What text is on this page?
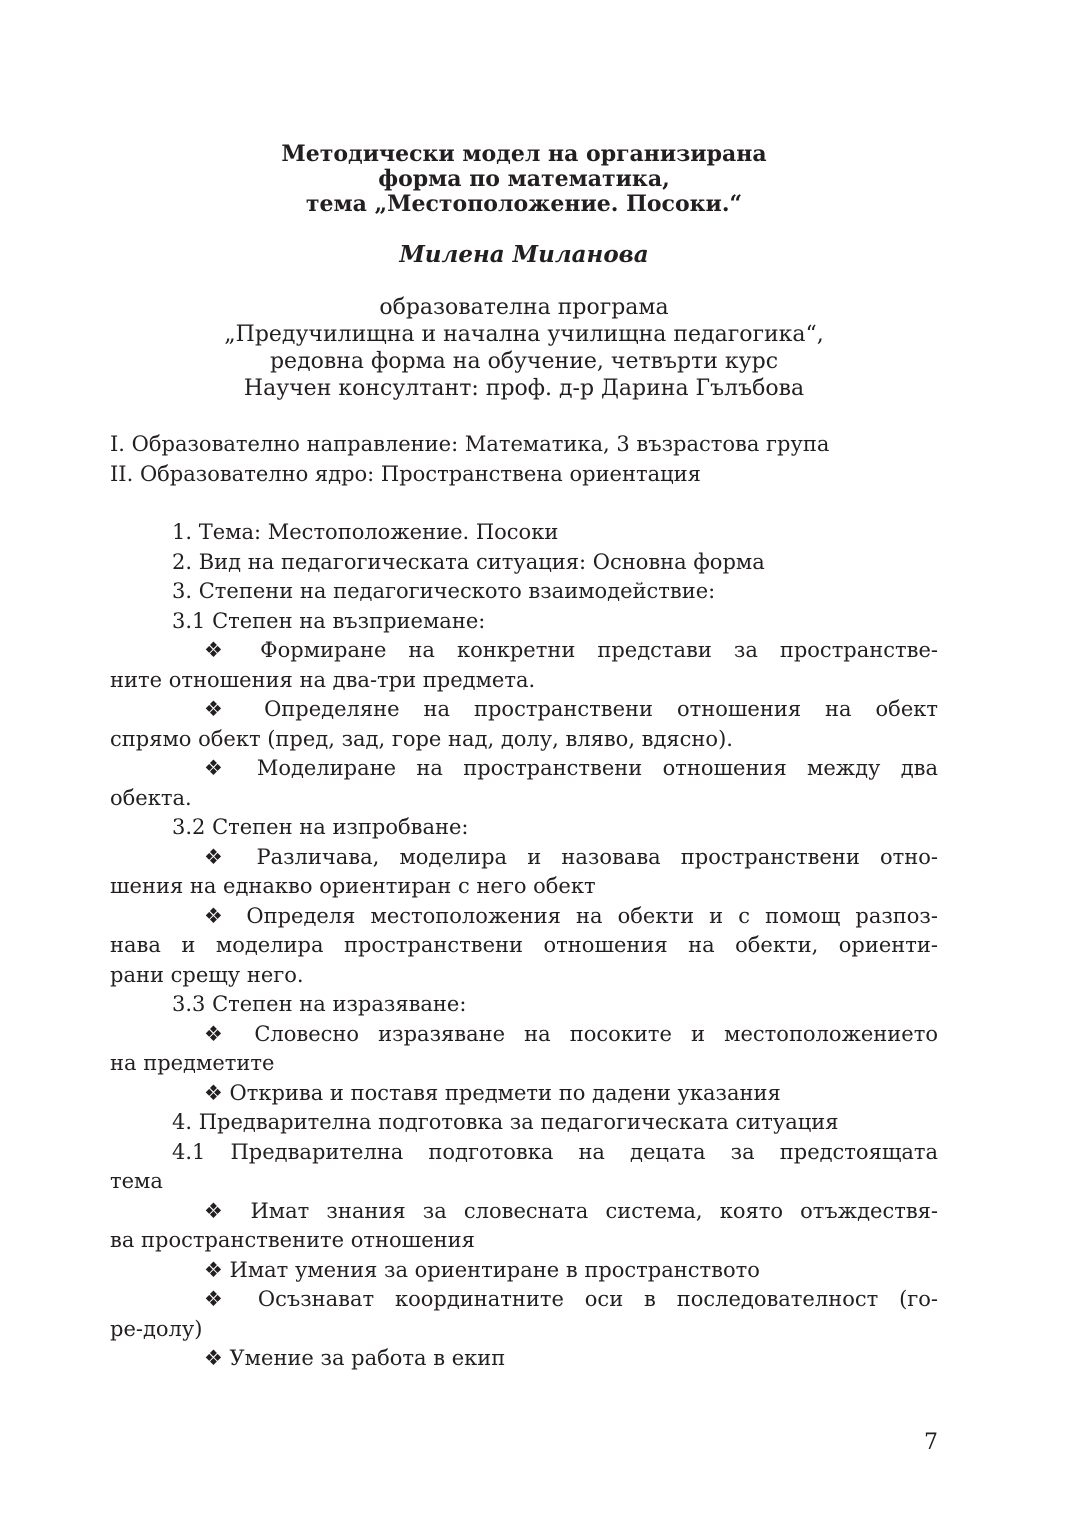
Методически модел на организирана
форма по математика,
тема „Местоположение. Посоки.“
Милена Миланова
образователна програма
„Предучилищна и начална училищна педагогика“,
редовна форма на обучение, четвърти курс
Научен консултант: проф. д-р Дарина Гълъбова
I. Образователно направление: Математика, 3 възрастова група
II. Образователно ядро: Пространствена ориентация
1. Тема: Местоположение. Посоки
2. Вид на педагогическата ситуация: Основна форма
3. Степени на педагогическото взаимодействие:
3.1 Степен на възприемане:
❖ Формиране на конкретни представи за пространстве-
ните отношения на два-три предмета.
❖ Определяне на пространствени отношения на обект
спрямо обект (пред, зад, горе над, долу, вляво, вдясно).
❖ Моделиране на пространствени отношения между два
обекта.
3.2 Степен на изпробване:
❖ Различава, моделира и назовава пространствени отно-
шения на еднакво ориентиран с него обект
❖ Определя местоположения на обекти и с помощ разпоз-
нава и моделира пространствени отношения на обекти, ориенти-
рани срещу него.
3.3 Степен на изразяване:
❖ Словесно изразяване на посоките и местоположението
на предметите
❖ Открива и поставя предмети по дадени указания
4. Предварителна подготовка за педагогическата ситуация
4.1 Предварителна подготовка на децата за предстоящата
тема
❖ Имат знания за словесната система, която отъждествя-
ва пространствените отношения
❖ Имат умения за ориентиране в пространството
❖ Осъзнават координатните оси в последователност (го-
ре-долу)
❖ Умение за работа в екип
7
